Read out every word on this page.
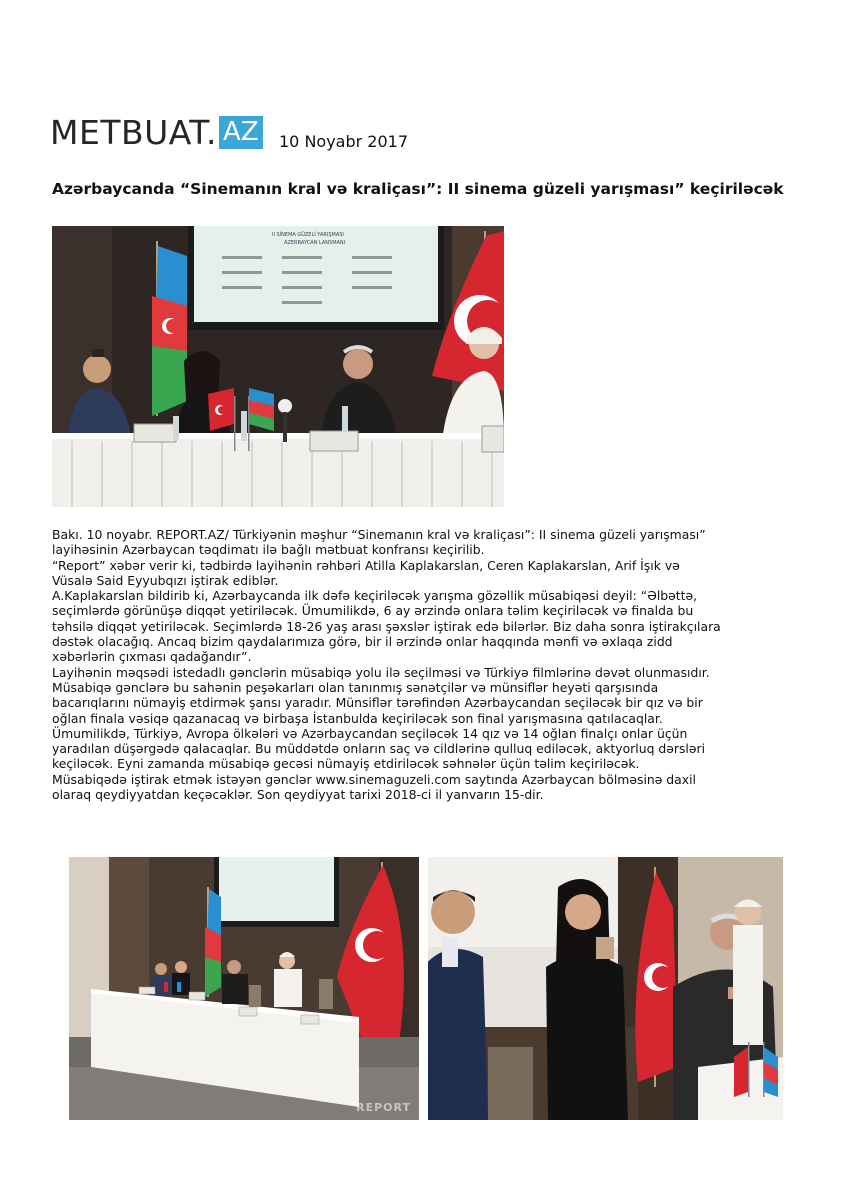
METBUAT. AZ 10 Noyabr 2017
Azərbaycanda “Sinemanın kral və kraliçası”: II sinema güzeli yarışması” keçiriləcək
II SİNEMA GÜZELİ YARIŞMASI
AZERBAYCAN LANSMANI

Bakı. 10 noyabr. REPORT.AZ/ Türkiyənin məşhur “Sinemanın kral və kraliçası”: II sinema güzeli yarışması”

layihəsinin Azərbaycan təqdimatı ilə bağlı mətbuat konfransı keçirilib.

“Report” xəbər verir ki, tədbirdə layihənin rəhbəri Atilla Kaplakarslan, Ceren Kaplakarslan, Arif İşık və

Vüsalə Said Eyyubqızı iştirak ediblər.

A.Kaplakarslan bildirib ki, Azərbaycanda ilk dəfə keçiriləcək yarışma gözəllik müsabiqəsi deyil: “Əlbəttə,

seçimlərdə görünüşə diqqət yetiriləcək. Ümumilikdə, 6 ay ərzində onlara təlim keçiriləcək və finalda bu

təhsilə diqqət yetiriləcək. Seçimlərdə 18-26 yaş arası şəxslər iştirak edə bilərlər. Biz daha sonra iştirakçılara

dəstək olacağıq. Ancaq bizim qaydalarımıza görə, bir il ərzində onlar haqqında mənfi və əxlaqa zidd

xəbərlərin çıxması qadağandır”.

Layihənin məqsədi istedadlı gənclərin müsabiqə yolu ilə seçilməsi və Türkiyə filmlərinə dəvət olunmasıdır.

Müsabiqə gənclərə bu sahənin peşəkarları olan tanınmış sənətçilər və münsiflər heyəti qarşısında

bacarıqlarını nümayiş etdirmək şansı yaradır. Münsiflər tərəfindən Azərbaycandan seçiləcək bir qız və bir

oğlan finala vəsiqə qazanacaq və birbaşa İstanbulda keçiriləcək son final yarışmasına qatılacaqlar.

Ümumilikdə, Türkiyə, Avropa ölkələri və Azərbaycandan seçiləcək 14 qız və 14 oğlan finalçı onlar üçün

yaradılan düşərgədə qalacaqlar. Bu müddətdə onların saç və cildlərinə qulluq ediləcək, aktyorluq dərsləri

keçiləcək. Eyni zamanda müsabiqə gecəsi nümayiş etdiriləcək səhnələr üçün təlim keçiriləcək.

Müsabiqədə iştirak etmək istəyən gənclər www.sinemaguzeli.com saytında Azərbaycan bölməsinə daxil

olaraq qeydiyyatdan keçəcəklər. Son qeydiyyat tarixi 2018-ci il yanvarın 15-dir.

REPORT
